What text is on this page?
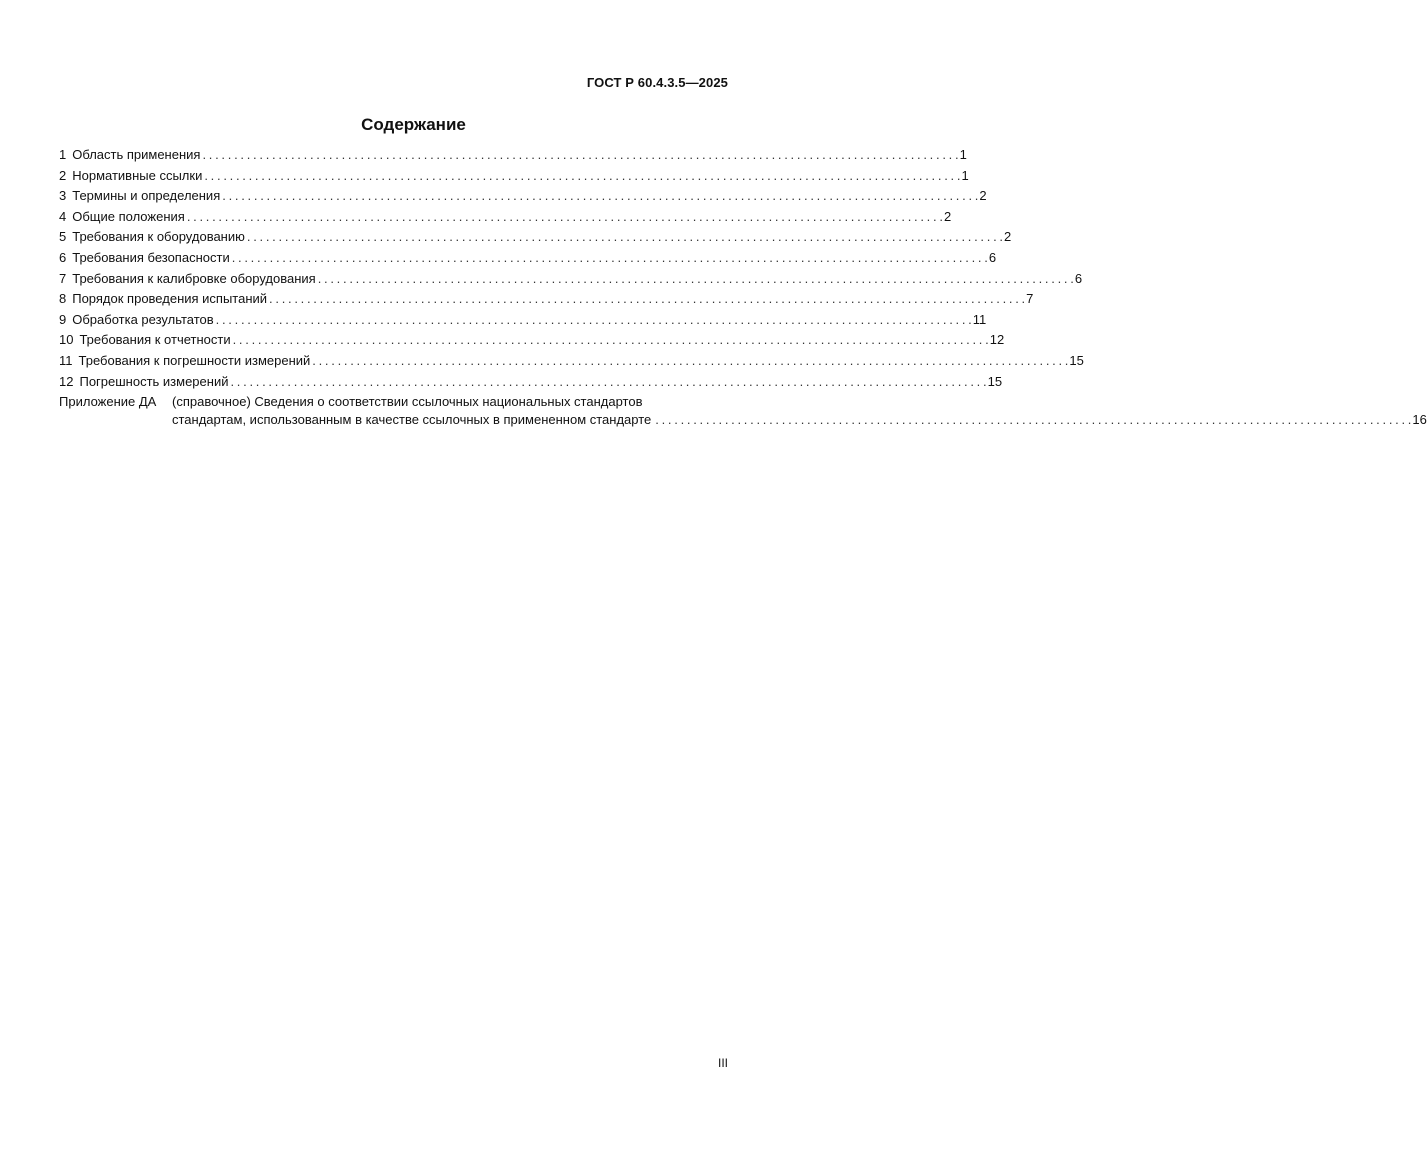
ГОСТ Р 60.4.3.5—2025
Содержание
1 Область применения . . .	1
2 Нормативные ссылки . . .	1
3 Термины и определения . . .	2
4 Общие положения . . .	2
5 Требования к оборудованию . . .	2
6 Требования безопасности . . .	6
7 Требования к калибровке оборудования . . .	6
8 Порядок проведения испытаний . . .	7
9 Обработка результатов . . .	11
10 Требования к отчетности . . .	12
11 Требования к погрешности измерений . . .	15
12 Погрешность измерений . . .	15
Приложение ДА	(справочное) Сведения о соответствии ссылочных национальных стандартов
стандартам, использованным в качестве ссылочных в примененном стандарте . . .	16
III
